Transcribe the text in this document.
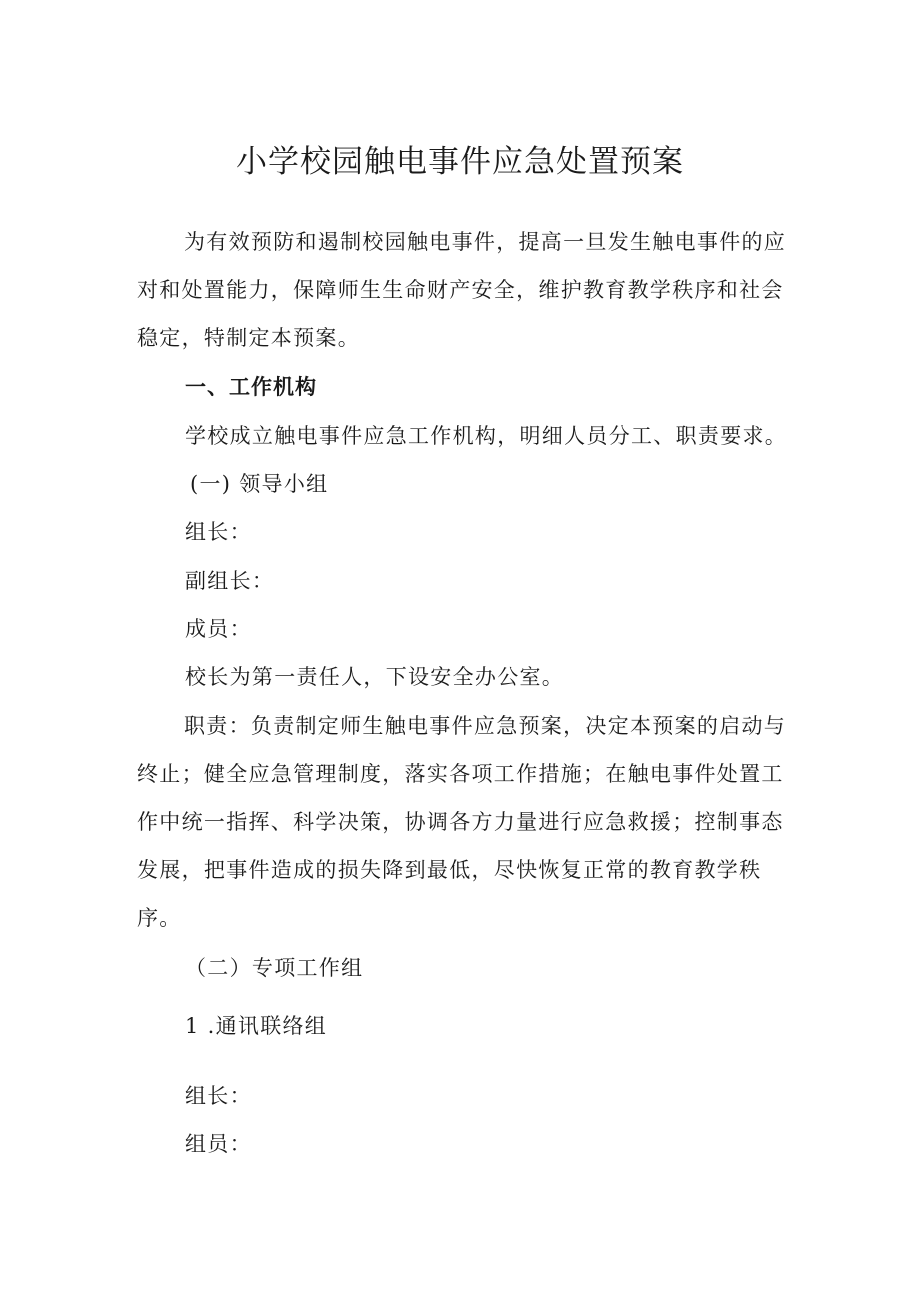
小学校园触电事件应急处置预案

为有效预防和遏制校园触电事件，提高一旦发生触电事件的应对和处置能力，保障师生生命财产安全，维护教育教学秩序和社会稳定，特制定本预案。

一、工作机构

学校成立触电事件应急工作机构，明细人员分工、职责要求。

(一) 领导小组

组长：

副组长：

成员：

校长为第一责任人，下设安全办公室。

职责：负责制定师生触电事件应急预案，决定本预案的启动与终止；健全应急管理制度，落实各项工作措施；在触电事件处置工作中统一指挥、科学决策，协调各方力量进行应急救援；控制事态发展，把事件造成的损失降到最低，尽快恢复正常的教育教学秩序。

（二）专项工作组

1 .通讯联络组

组长：

组员：
